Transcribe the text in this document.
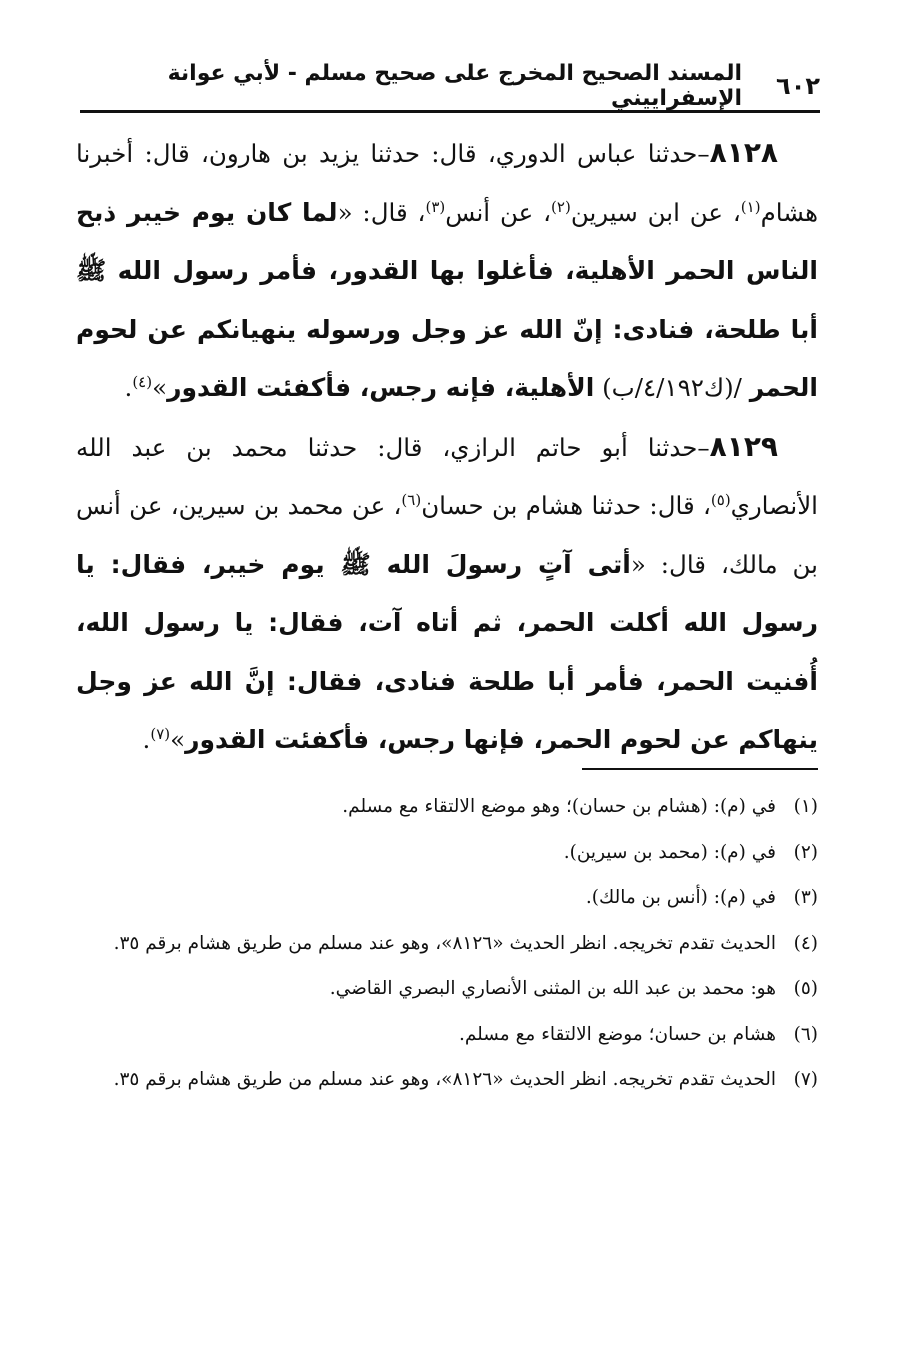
٦٠٢
المسند الصحيح المخرج على صحيح مسلم - لأبي عوانة الإسفراييني

٨١٢٨–حدثنا عباس الدوري، قال: حدثنا يزيد بن هارون، قال: أخبرنا هشام$^{(١)}$، عن ابن سيرين$^{(٢)}$، عن أنس$^{(٣)}$، قال: «لما كان يوم خيبر ذبح الناس الحمر الأهلية، فأغلوا بها القدور، فأمر رسول الله ﷺ أبا طلحة، فنادى: إنّ الله عز وجل ورسوله ينهيانكم عن لحوم الحمر /(ك٤/١٩٢/ب) الأهلية، فإنه رجس، فأكفئت القدور»$^{(٤)}$.

٨١٢٩–حدثنا أبو حاتم الرازي، قال: حدثنا محمد بن عبد الله الأنصاري$^{(٥)}$، قال: حدثنا هشام بن حسان$^{(٦)}$، عن محمد بن سيرين، عن أنس بن مالك، قال: «أتى آتٍ رسولَ الله ﷺ يوم خيبر، فقال: يا رسول الله أكلت الحمر، ثم أتاه آت، فقال: يا رسول الله، أُفنيت الحمر، فأمر أبا طلحة فنادى، فقال: إنَّ الله عز وجل ينهاكم عن لحوم الحمر، فإنها رجس، فأكفئت القدور»$^{(٧)}$.

(١)
في (م): (هشام بن حسان)؛ وهو موضع الالتقاء مع مسلم.
(٢)
في (م): (محمد بن سيرين).
(٣)
في (م): (أنس بن مالك).
(٤)
الحديث تقدم تخريجه. انظر الحديث «٨١٢٦»، وهو عند مسلم من طريق هشام برقم ٣٥.
(٥)
هو: محمد بن عبد الله بن المثنى الأنصاري البصري القاضي.
(٦)
هشام بن حسان؛ موضع الالتقاء مع مسلم.
(٧)
الحديث تقدم تخريجه. انظر الحديث «٨١٢٦»، وهو عند مسلم من طريق هشام برقم ٣٥.
